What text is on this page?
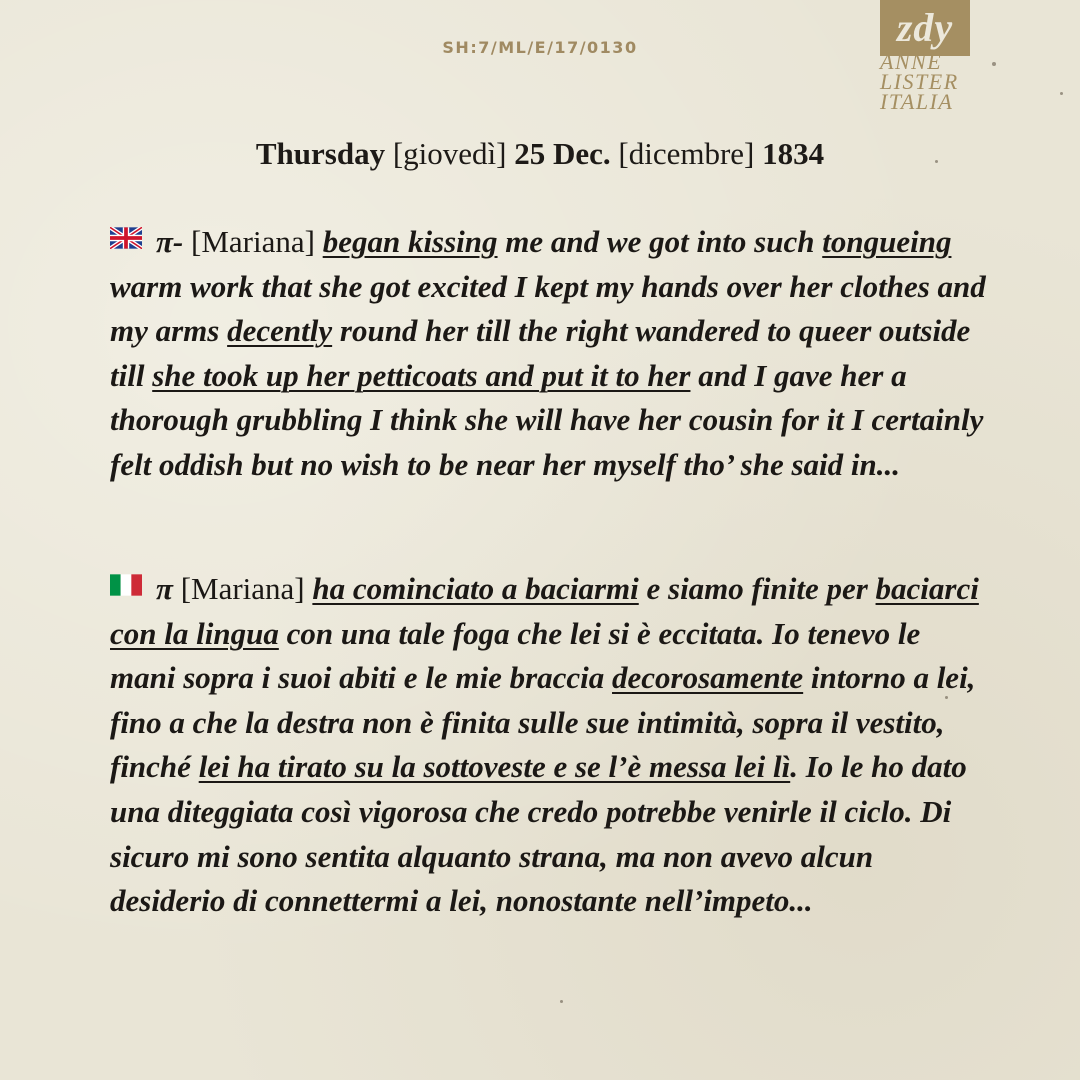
SH:7/ML/E/17/0130	zdy
ANNE
LISTER
ITALIA
Thursday [giovedì] 25 Dec. [dicembre] 1834
π- [Mariana] began kissing me and we got into such tongueing warm work that she got excited I kept my hands over her clothes and my arms decently round her till the right wandered to queer outside till she took up her petticoats and put it to her and I gave her a thorough grubbling I think she will have her cousin for it I certainly felt oddish but no wish to be near her myself tho’ she said in...
π [Mariana] ha cominciato a baciarmi e siamo finite per baciarci con la lingua con una tale foga che lei si è eccitata. Io tenevo le mani sopra i suoi abiti e le mie braccia decorosamente intorno a lei, fino a che la destra non è finita sulle sue intimità, sopra il vestito, finché lei ha tirato su la sottoveste e se l’è messa lei lì. Io le ho dato una diteggiata così vigorosa che credo potrebbe venirle il ciclo. Di sicuro mi sono sentita alquanto strana, ma non avevo alcun desiderio di connettermi a lei, nonostante nell’impeto...
